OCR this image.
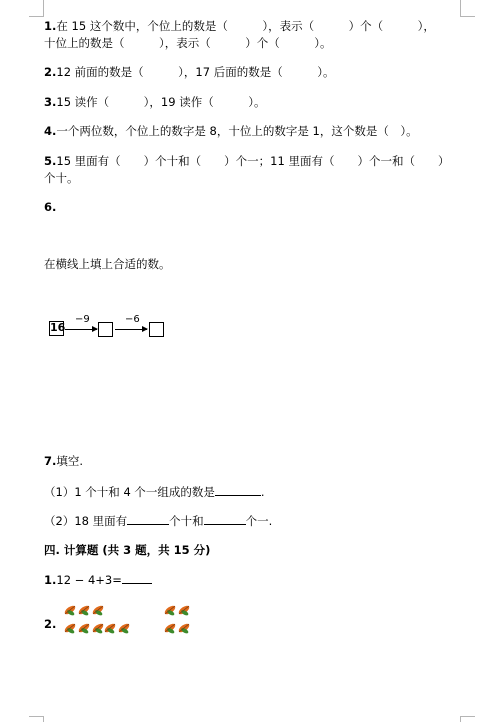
1.在 15 这个数中，个位上的数是（　　　），表示（　　　）个（　　　），
十位上的数是（　　　），表示（　　　）个（　　　）。
2.12 前面的数是（　　　），17 后面的数是（　　　）。
3.15 读作（　　　），19 读作（　　　）。
4.一个两位数，个位上的数字是 8，十位上的数字是 1，这个数是（　）。
5.15 里面有（　　）个十和（　　）个一；11 里面有（　　）个一和（　　）
个十。
6.
在横线上填上合适的数。
16
−9	−6
7.填空.
（1）1 个十和 4 个一组成的数是	.
（2）18 里面有	个十和	个一.
四. 计算题 (共 3 题，共 15 分)
1.12 − 4+3=
2.
